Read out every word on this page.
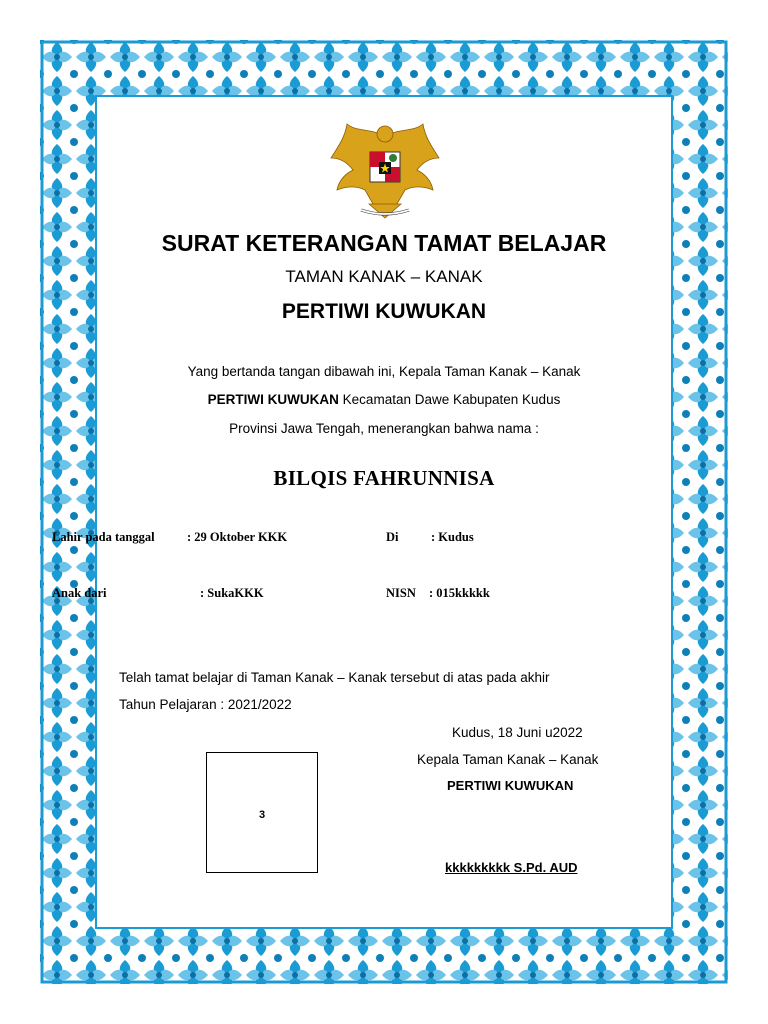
SURAT KETERANGAN TAMAT BELAJAR
TAMAN KANAK – KANAK
PERTIWI KUWUKAN
Yang bertanda tangan dibawah ini, Kepala Taman Kanak – Kanak
PERTIWI KUWUKAN Kecamatan Dawe Kabupaten Kudus
Provinsi Jawa Tengah, menerangkan bahwa nama :
BILQIS FAHRUNNISA
Lahir pada tanggal	: 29 Oktober KKK	Di	: Kudus
Anak dari	: SukaKKK	NISN : 015kkkkk
Telah tamat belajar di Taman Kanak – Kanak tersebut di atas pada akhir
Tahun Pelajaran : 2021/2022
Kudus, 18 Juni u2022
Kepala Taman Kanak – Kanak
PERTIWI KUWUKAN
3
kkkkkkkkk S.Pd. AUD
